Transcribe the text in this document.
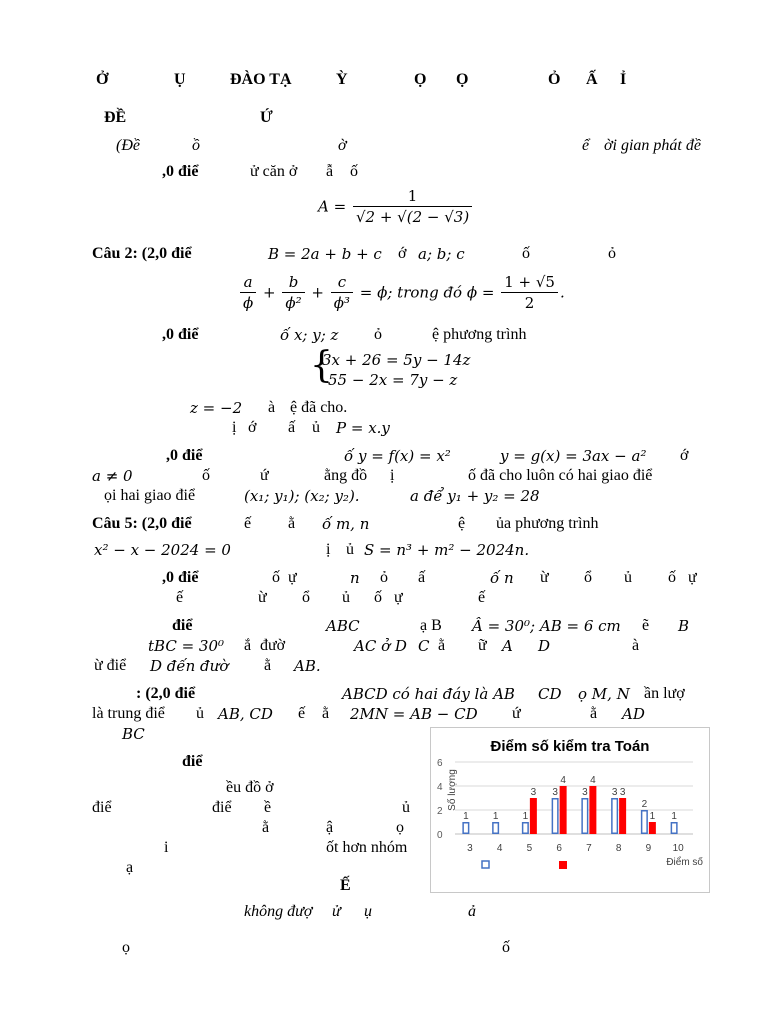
Ở	Ụ	ĐÀO TẠ	Ỳ	Ọ Ọ	Ỏ Ấ Ỉ
ĐỀ	Ứ
(Đề	ồ	ờ	ể ời gian phát đề
,0 điể	ử căn ở ẫ ố
$A = \frac{1}{√2 + √(2 - √3)}$
Câu 2: (2,0 điể	B = 2a + b + c ớ a; b; c	ố	ỏ
$\frac{a}{\phi} + \frac{b}{\text{ϕ²}} + \frac{c}{\text{ϕ³}} = \phi$; trong đó $\phi = \frac{1 + √5}{2}$ .
,0 điể	ố x; y; z ỏ	ệ phương trình
{
3x + 26 = 5y − 14z
55 − 2x = 7y − z
z = −2 à ệ đã cho.
ị ớ ấ ủ P = x.y
,0 điể	ố y = f(x) = x²	y = g(x) = 3ax − a² ớ
a ≠ 0	ố	ứ	ằng đồ ị	ố đã cho luôn có hai giao điể
ọi hai giao điể	(x₁; y₁); (x₂; y₂).	a để y₁ + y₂ = 28
Câu 5: (2,0 điể	ế ằ ố m, n	ệ ủa phương trình
x² − x − 2024 = 0	ị ủ S = n³ + m² − 2024n.
,0 điể	ố ự	n ỏ ấ	ố n ừ ổ ủ ố ự
ế	ừ ổ ủ ố ự	ế
điể	ABC	ạ B Â = 30⁰; AB = 6 cm ẽ B
tBC = 30⁰ ắ đườ	AC ở D C ằ ữ A D	à
ừ điể D đến đườ ằ AB.
: (2,0 điể	ABCD có hai đáy là AB CD ọ M, N ần lượ
là trung điể ủ AB, CD ế ằ 2MN = AB − CD ứ	ằ AD
BC
điể
ều đồ ở
điể	điể ề	ủ
ằ	ậ	ọ
i	ốt hơn nhóm
ạ
Điểm số kiểm tra Toán
0
2
4
6
Số lượng
3
1
4
1
5
1
3
6
3
4
7
3
4
8
3 3
9
2
1
10
1
Điểm số
Ế
không đượ ử ụ	ả
ọ	ố
